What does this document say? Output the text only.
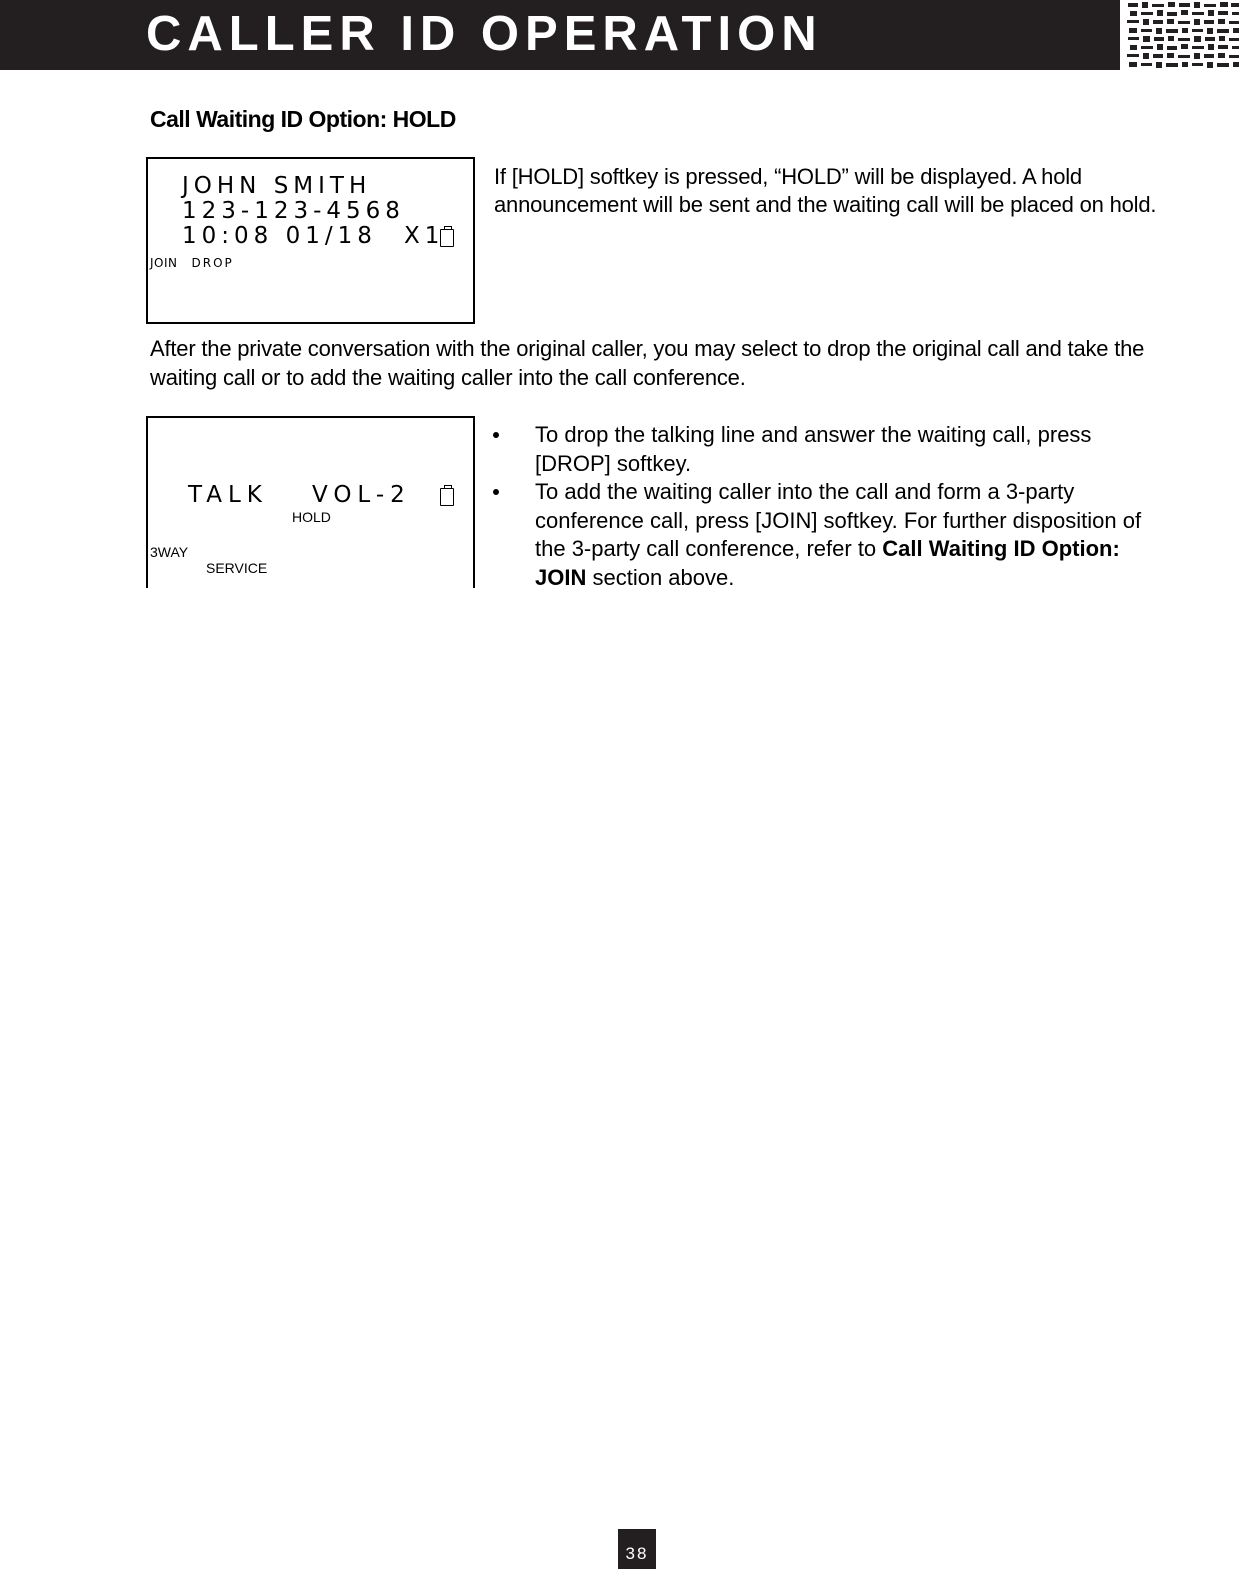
CALLER ID OPERATION
Call Waiting ID Option: HOLD
JOHN SMITH
123-123-4568
10:08 01/18 X1
JOIN DROP
If [HOLD] softkey is pressed, “HOLD” will be displayed. A hold announcement will be sent and the waiting call will be placed on hold.
After the private conversation with the original caller, you may select to drop the original call and take the waiting call or to add the waiting caller into the call conference.
TALK VOL-2
HOLD
3WAY
SERVICE
To drop the talking line and answer the waiting call, press [DROP] softkey.
To add the waiting caller into the call and form a 3-party conference call, press [JOIN] softkey. For further disposition of the 3-party call conference, refer to Call Waiting ID Option: JOIN section above.
38
